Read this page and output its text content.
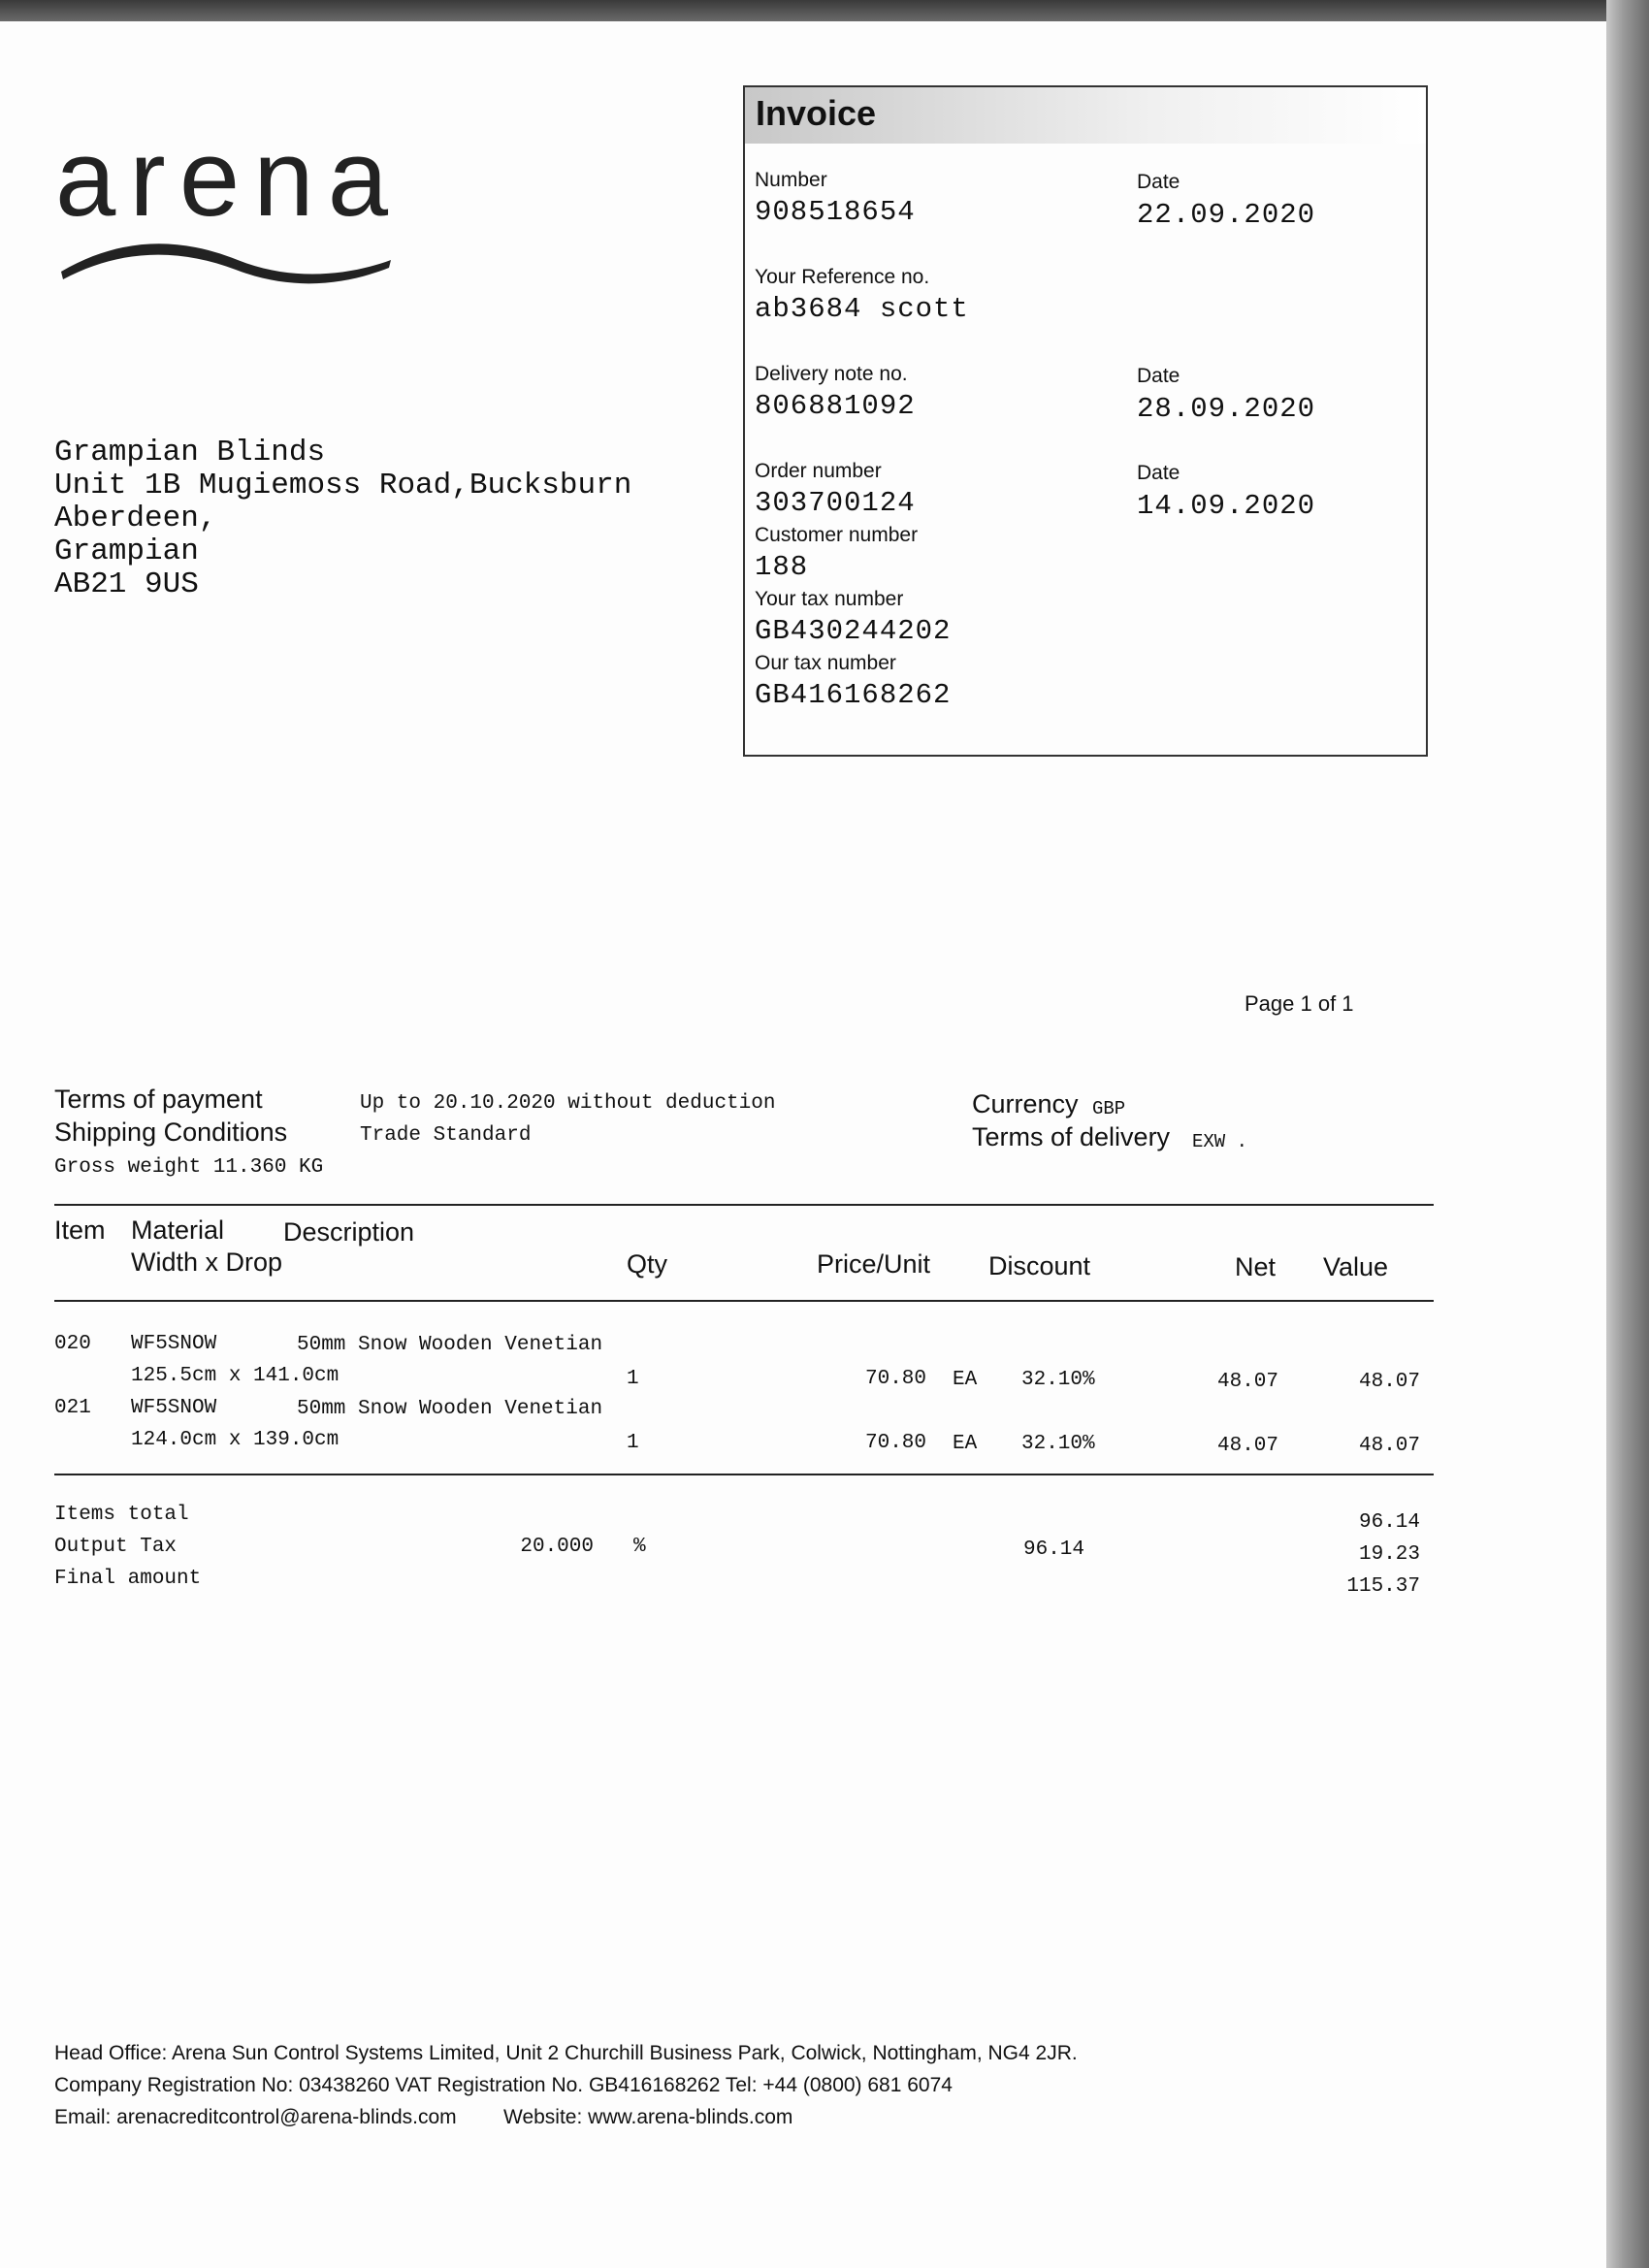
arena
Grampian Blinds
Unit 1B Mugiemoss Road,Bucksburn
Aberdeen,
Grampian
AB21 9US
Invoice
Number
908518654
Date
22.09.2020
Your Reference no.
ab3684 scott
Delivery note no.
806881092
Date
28.09.2020
Order number
303700124
Date
14.09.2020
Customer number
188
Your tax number
GB430244202
Our tax number
GB416168262
Page 1 of 1
Terms of payment	Up to 20.10.2020 without deduction
Shipping Conditions	Trade Standard
Gross weight 11.360 KG
Currency GBP
Terms of delivery EXW .
Item Material Description
Width x Drop	Qty	Price/Unit Discount	Net Value
020 WF5SNOW	50mm Snow Wooden Venetian
125.5cm x 141.0cm	1	70.80 EA 32.10%	48.07	48.07
021 WF5SNOW	50mm Snow Wooden Venetian
124.0cm x 139.0cm	1	70.80 EA 32.10%	48.07	48.07
Items total	96.14
Output Tax	20.000 %	96.14	19.23
Final amount	115.37
Head Office: Arena Sun Control Systems Limited, Unit 2 Churchill Business Park, Colwick, Nottingham, NG4 2JR.
Company Registration No: 03438260 VAT Registration No. GB416168262 Tel: +44 (0800) 681 6074
Email: arenacreditcontrol@arena-blinds.com Website: www.arena-blinds.com
